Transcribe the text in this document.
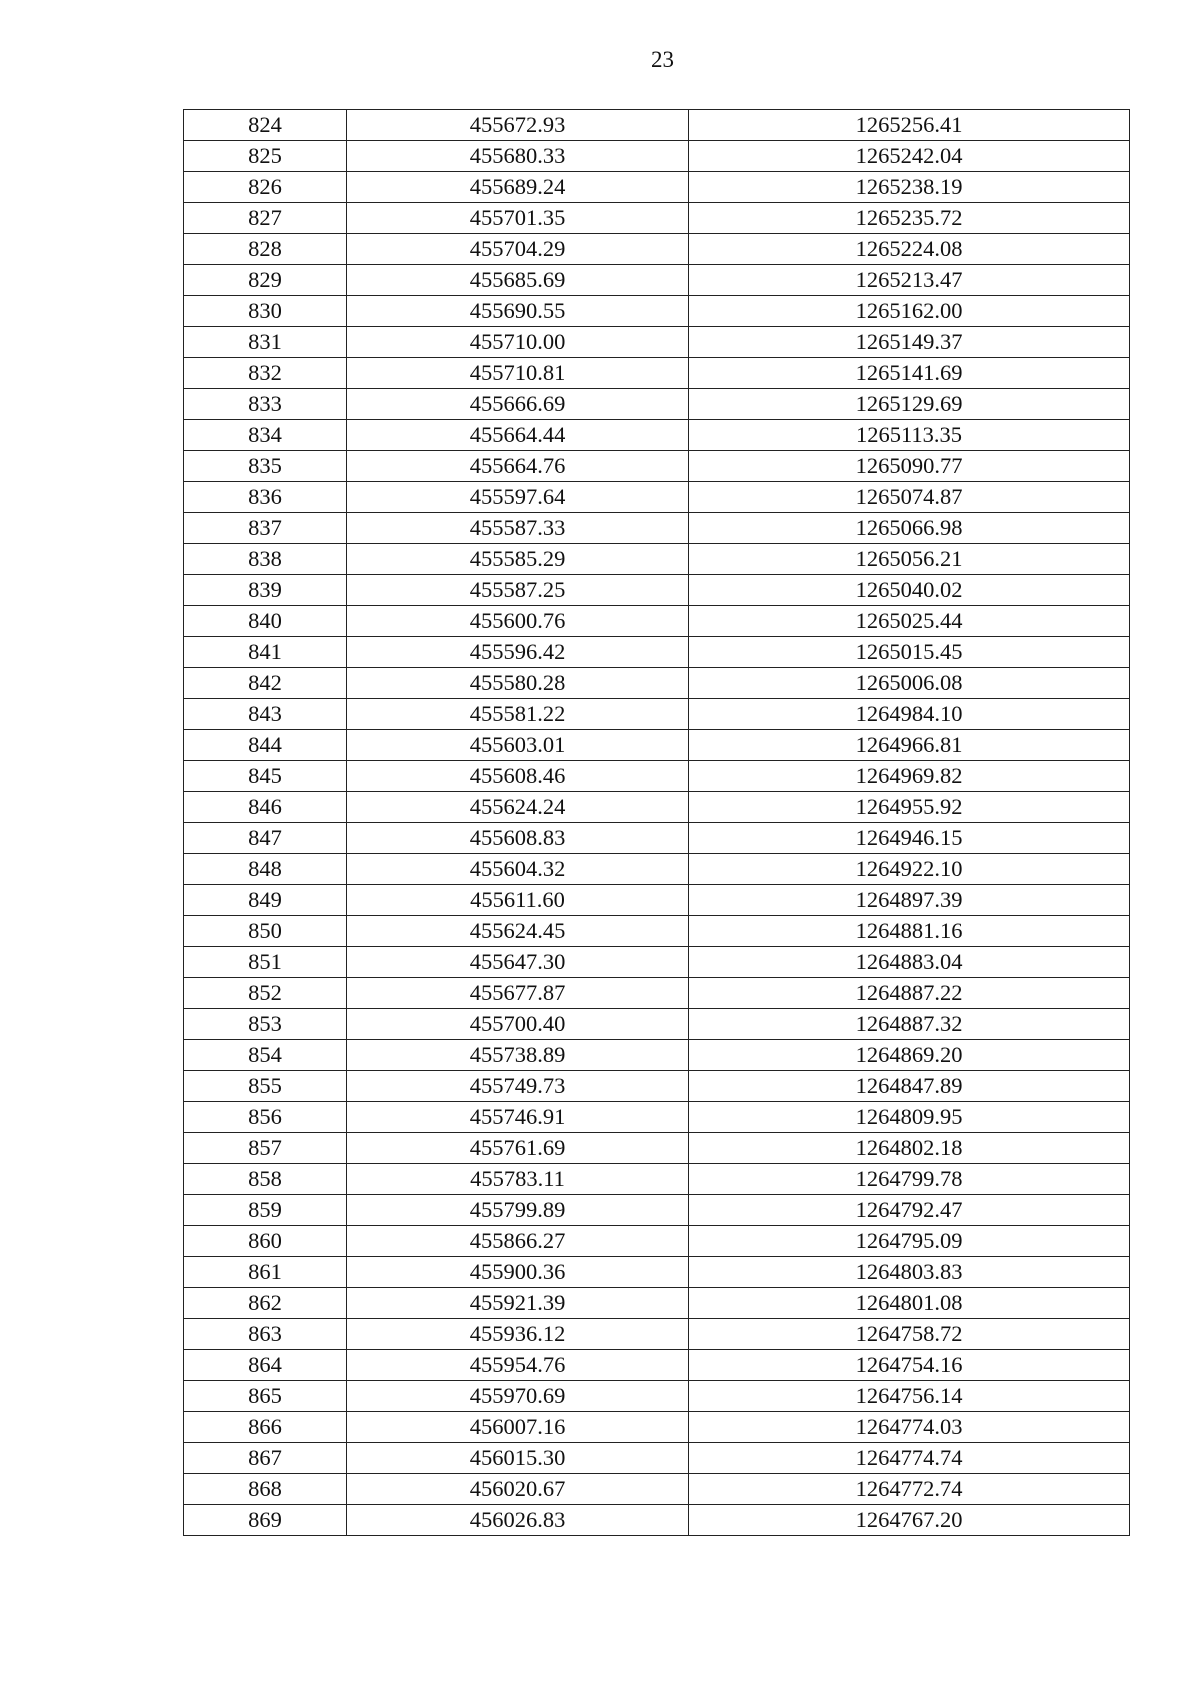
23
824	455672.93	1265256.41
825	455680.33	1265242.04
826	455689.24	1265238.19
827	455701.35	1265235.72
828	455704.29	1265224.08
829	455685.69	1265213.47
830	455690.55	1265162.00
831	455710.00	1265149.37
832	455710.81	1265141.69
833	455666.69	1265129.69
834	455664.44	1265113.35
835	455664.76	1265090.77
836	455597.64	1265074.87
837	455587.33	1265066.98
838	455585.29	1265056.21
839	455587.25	1265040.02
840	455600.76	1265025.44
841	455596.42	1265015.45
842	455580.28	1265006.08
843	455581.22	1264984.10
844	455603.01	1264966.81
845	455608.46	1264969.82
846	455624.24	1264955.92
847	455608.83	1264946.15
848	455604.32	1264922.10
849	455611.60	1264897.39
850	455624.45	1264881.16
851	455647.30	1264883.04
852	455677.87	1264887.22
853	455700.40	1264887.32
854	455738.89	1264869.20
855	455749.73	1264847.89
856	455746.91	1264809.95
857	455761.69	1264802.18
858	455783.11	1264799.78
859	455799.89	1264792.47
860	455866.27	1264795.09
861	455900.36	1264803.83
862	455921.39	1264801.08
863	455936.12	1264758.72
864	455954.76	1264754.16
865	455970.69	1264756.14
866	456007.16	1264774.03
867	456015.30	1264774.74
868	456020.67	1264772.74
869	456026.83	1264767.20
